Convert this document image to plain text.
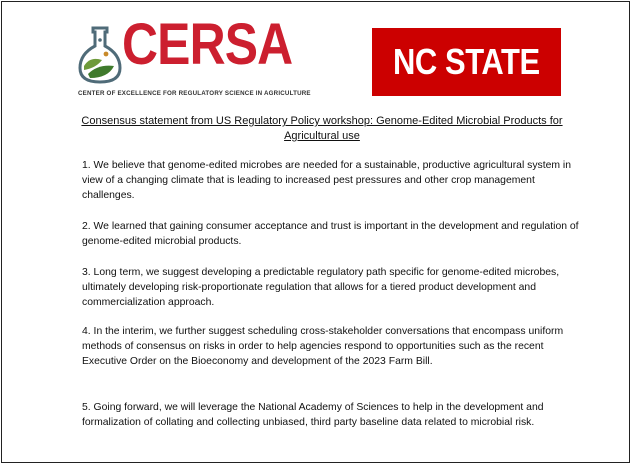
CERSA
CENTER OF EXCELLENCE FOR REGULATORY SCIENCE IN AGRICULTURE
NC STATE
Consensus statement from US Regulatory Policy workshop: Genome-Edited Microbial Products for Agricultural use
1. We believe that genome-edited microbes are needed for a sustainable, productive agricultural system in view of a changing climate that is leading to increased pest pressures and other crop management challenges.
2. We learned that gaining consumer acceptance and trust is important in the development and regulation of genome-edited microbial products.
3. Long term, we suggest developing a predictable regulatory path specific for genome-edited microbes, ultimately developing risk-proportionate regulation that allows for a tiered product development and commercialization approach.
4. In the interim, we further suggest scheduling cross-stakeholder conversations that encompass uniform methods of consensus on risks in order to help agencies respond to opportunities such as the recent Executive Order on the Bioeconomy and development of the 2023 Farm Bill.
5. Going forward, we will leverage the National Academy of Sciences to help in the development and formalization of collating and collecting unbiased, third party baseline data related to microbial risk.
